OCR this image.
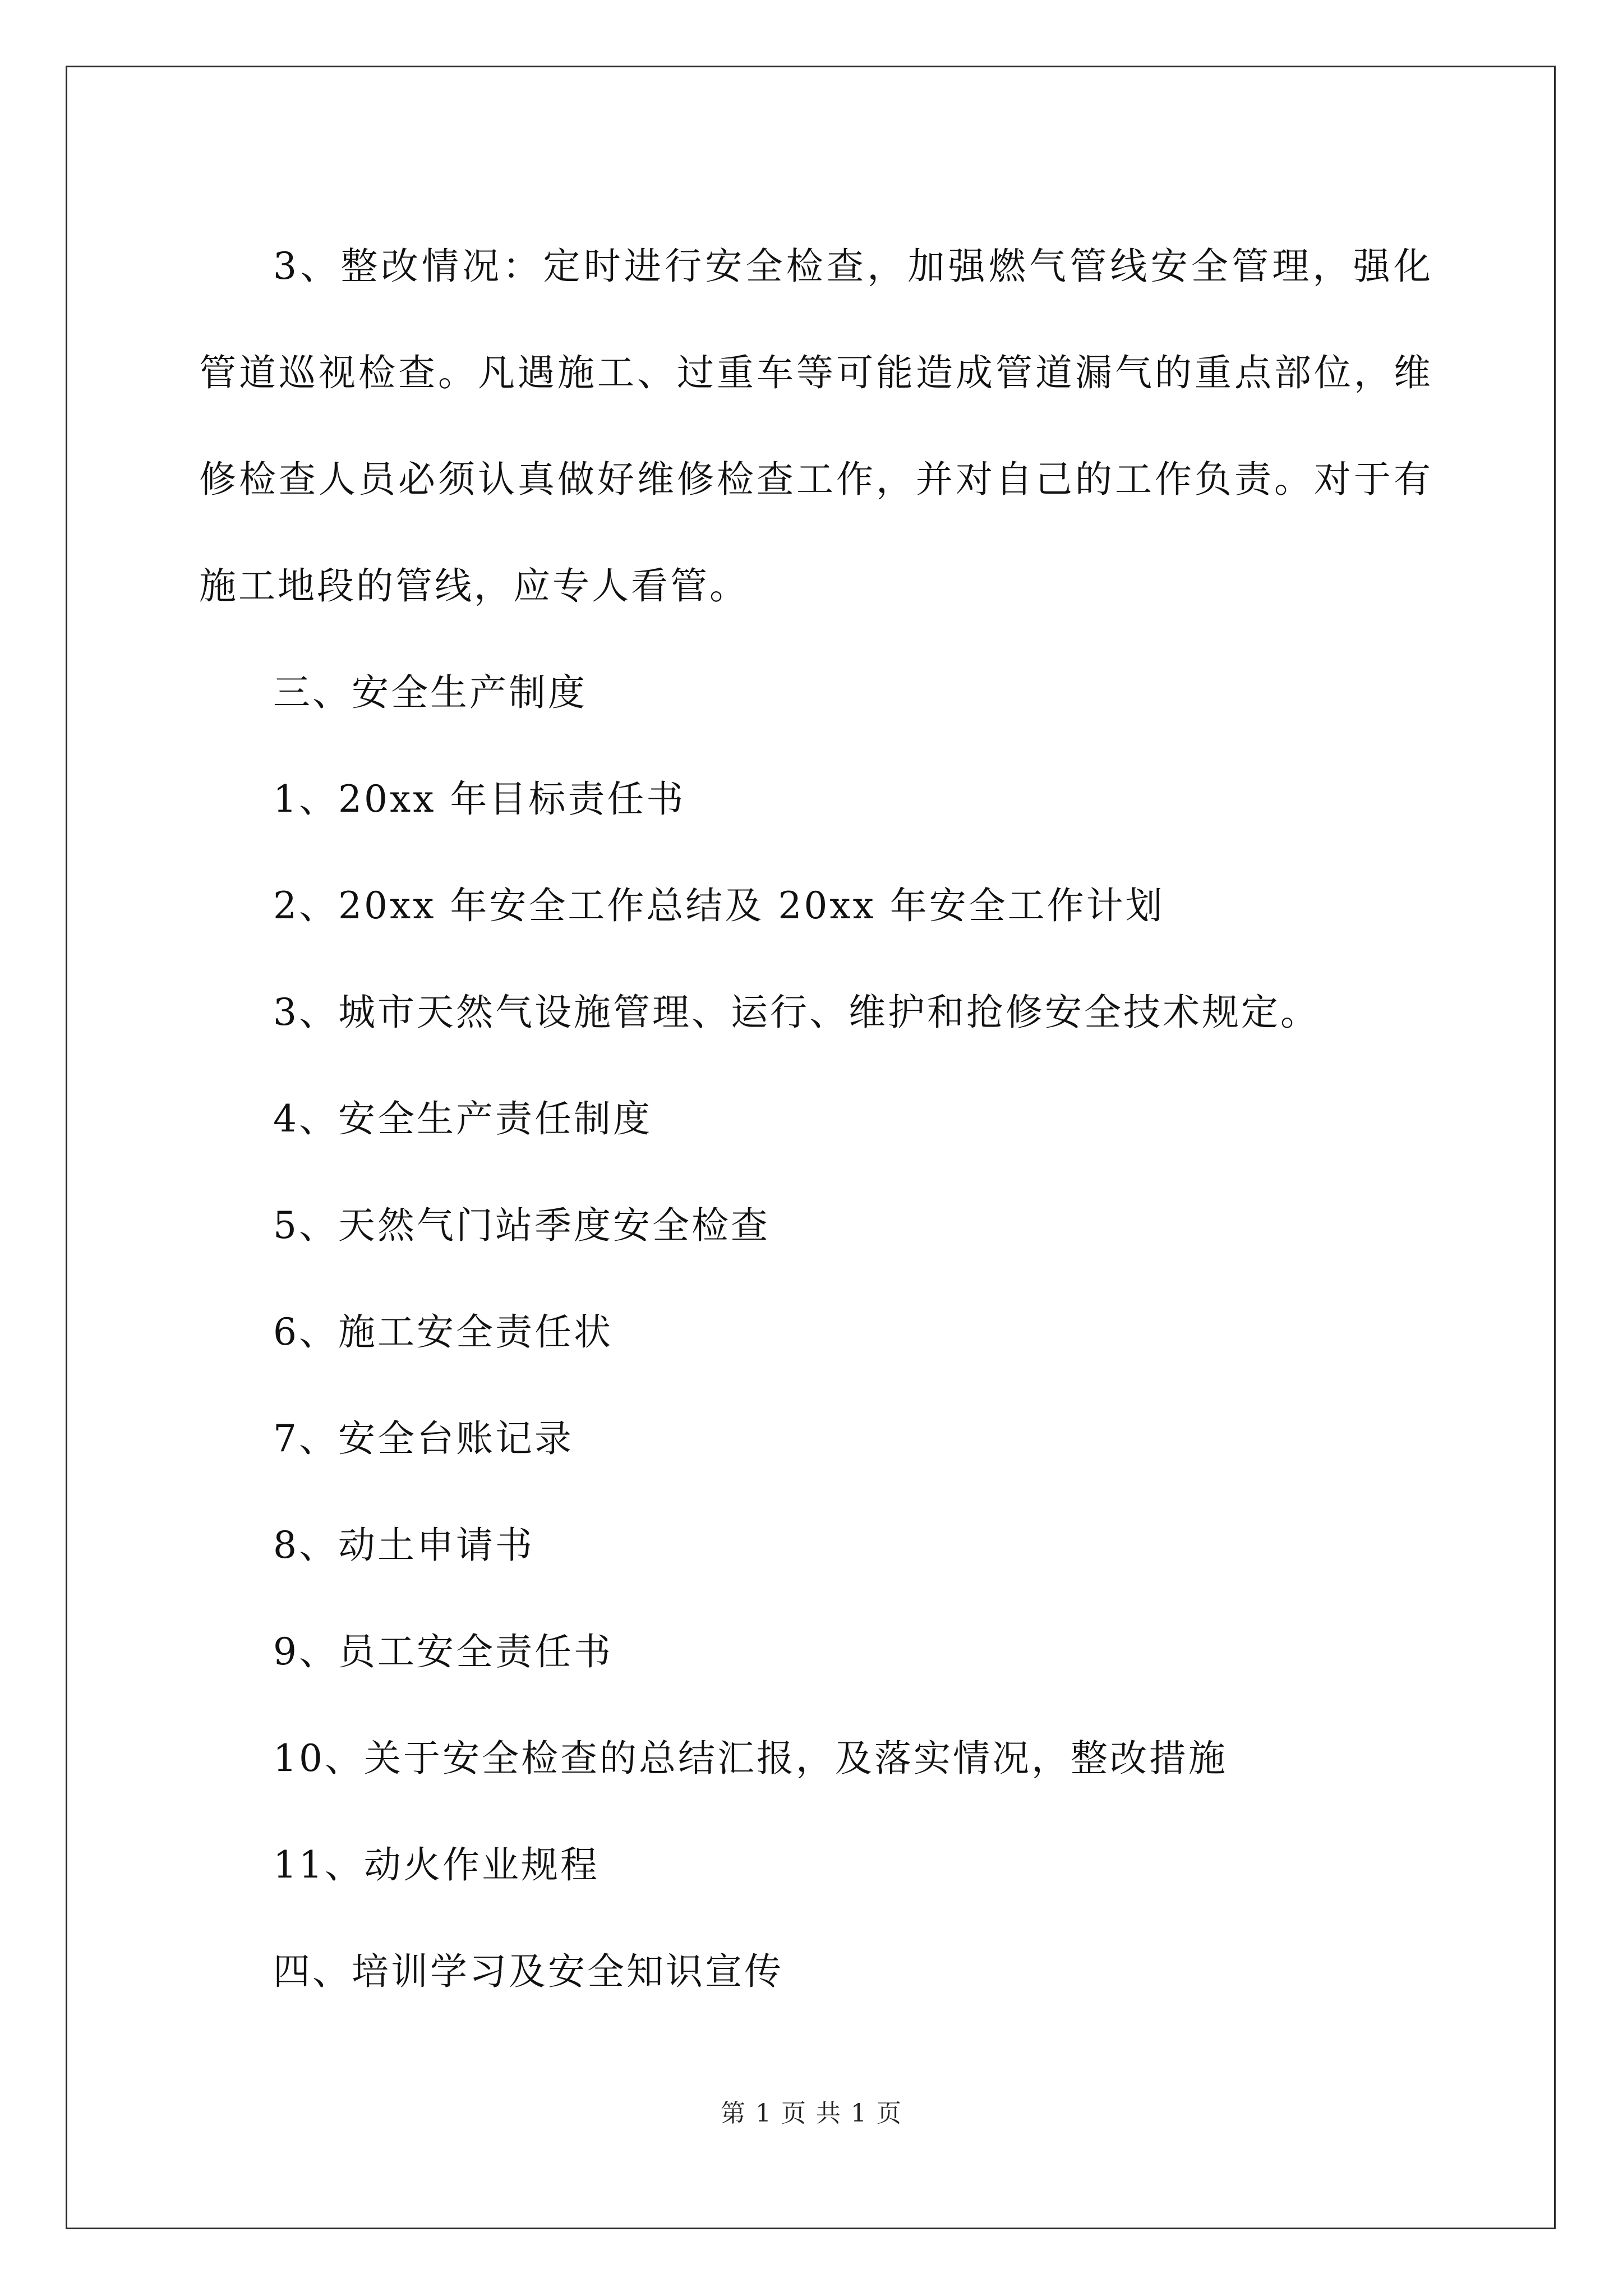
3、整改情况：定时进行安全检查，加强燃气管线安全管理，强化管道巡视检查。凡遇施工、过重车等可能造成管道漏气的重点部位，维修检查人员必须认真做好维修检查工作，并对自己的工作负责。对于有施工地段的管线，应专人看管。

三、安全生产制度

1、20xx 年目标责任书

2、20xx 年安全工作总结及 20xx 年安全工作计划

3、城市天然气设施管理、运行、维护和抢修安全技术规定。

4、安全生产责任制度

5、天然气门站季度安全检查

6、施工安全责任状

7、安全台账记录

8、动土申请书

9、员工安全责任书

10、关于安全检查的总结汇报，及落实情况，整改措施

11、动火作业规程

四、培训学习及安全知识宣传

第 1 页 共 1 页
